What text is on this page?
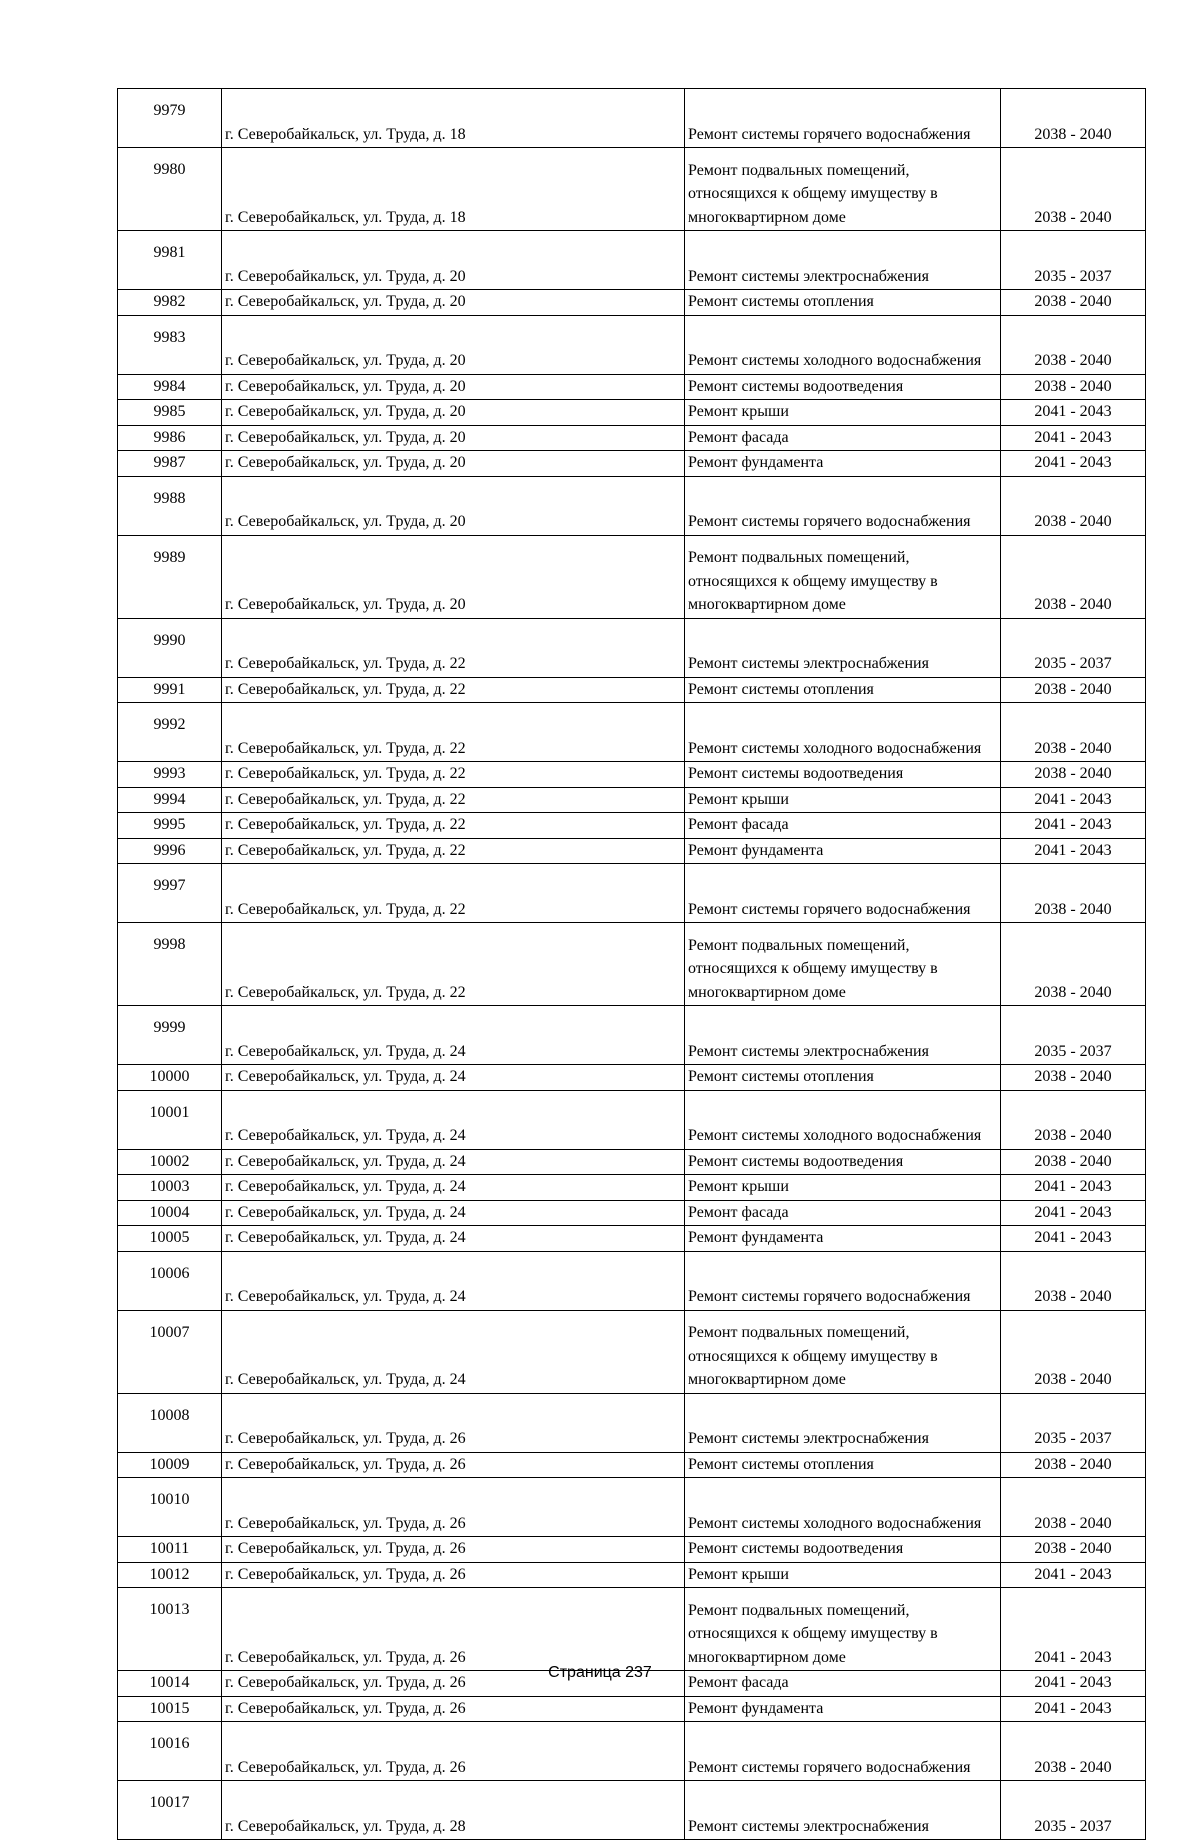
9979	г. Северобайкальск, ул. Труда, д. 18	Ремонт системы горячего водоснабжения	2038 - 2040
9980	г. Северобайкальск, ул. Труда, д. 18	Ремонт подвальных помещений, относящихся к общему имуществу в многоквартирном доме	2038 - 2040
9981	г. Северобайкальск, ул. Труда, д. 20	Ремонт системы электроснабжения	2035 - 2037
9982	г. Северобайкальск, ул. Труда, д. 20	Ремонт системы отопления	2038 - 2040
9983	г. Северобайкальск, ул. Труда, д. 20	Ремонт системы холодного водоснабжения	2038 - 2040
9984	г. Северобайкальск, ул. Труда, д. 20	Ремонт системы водоотведения	2038 - 2040
9985	г. Северобайкальск, ул. Труда, д. 20	Ремонт крыши	2041 - 2043
9986	г. Северобайкальск, ул. Труда, д. 20	Ремонт фасада	2041 - 2043
9987	г. Северобайкальск, ул. Труда, д. 20	Ремонт фундамента	2041 - 2043
9988	г. Северобайкальск, ул. Труда, д. 20	Ремонт системы горячего водоснабжения	2038 - 2040
9989	г. Северобайкальск, ул. Труда, д. 20	Ремонт подвальных помещений, относящихся к общему имуществу в многоквартирном доме	2038 - 2040
9990	г. Северобайкальск, ул. Труда, д. 22	Ремонт системы электроснабжения	2035 - 2037
9991	г. Северобайкальск, ул. Труда, д. 22	Ремонт системы отопления	2038 - 2040
9992	г. Северобайкальск, ул. Труда, д. 22	Ремонт системы холодного водоснабжения	2038 - 2040
9993	г. Северобайкальск, ул. Труда, д. 22	Ремонт системы водоотведения	2038 - 2040
9994	г. Северобайкальск, ул. Труда, д. 22	Ремонт крыши	2041 - 2043
9995	г. Северобайкальск, ул. Труда, д. 22	Ремонт фасада	2041 - 2043
9996	г. Северобайкальск, ул. Труда, д. 22	Ремонт фундамента	2041 - 2043
9997	г. Северобайкальск, ул. Труда, д. 22	Ремонт системы горячего водоснабжения	2038 - 2040
9998	г. Северобайкальск, ул. Труда, д. 22	Ремонт подвальных помещений, относящихся к общему имуществу в многоквартирном доме	2038 - 2040
9999	г. Северобайкальск, ул. Труда, д. 24	Ремонт системы электроснабжения	2035 - 2037
10000	г. Северобайкальск, ул. Труда, д. 24	Ремонт системы отопления	2038 - 2040
10001	г. Северобайкальск, ул. Труда, д. 24	Ремонт системы холодного водоснабжения	2038 - 2040
10002	г. Северобайкальск, ул. Труда, д. 24	Ремонт системы водоотведения	2038 - 2040
10003	г. Северобайкальск, ул. Труда, д. 24	Ремонт крыши	2041 - 2043
10004	г. Северобайкальск, ул. Труда, д. 24	Ремонт фасада	2041 - 2043
10005	г. Северобайкальск, ул. Труда, д. 24	Ремонт фундамента	2041 - 2043
10006	г. Северобайкальск, ул. Труда, д. 24	Ремонт системы горячего водоснабжения	2038 - 2040
10007	г. Северобайкальск, ул. Труда, д. 24	Ремонт подвальных помещений, относящихся к общему имуществу в многоквартирном доме	2038 - 2040
10008	г. Северобайкальск, ул. Труда, д. 26	Ремонт системы электроснабжения	2035 - 2037
10009	г. Северобайкальск, ул. Труда, д. 26	Ремонт системы отопления	2038 - 2040
10010	г. Северобайкальск, ул. Труда, д. 26	Ремонт системы холодного водоснабжения	2038 - 2040
10011	г. Северобайкальск, ул. Труда, д. 26	Ремонт системы водоотведения	2038 - 2040
10012	г. Северобайкальск, ул. Труда, д. 26	Ремонт крыши	2041 - 2043
10013	г. Северобайкальск, ул. Труда, д. 26	Ремонт подвальных помещений, относящихся к общему имуществу в многоквартирном доме	2041 - 2043
10014	г. Северобайкальск, ул. Труда, д. 26	Ремонт фасада	2041 - 2043
10015	г. Северобайкальск, ул. Труда, д. 26	Ремонт фундамента	2041 - 2043
10016	г. Северобайкальск, ул. Труда, д. 26	Ремонт системы горячего водоснабжения	2038 - 2040
10017	г. Северобайкальск, ул. Труда, д. 28	Ремонт системы электроснабжения	2035 - 2037
Страница 237
